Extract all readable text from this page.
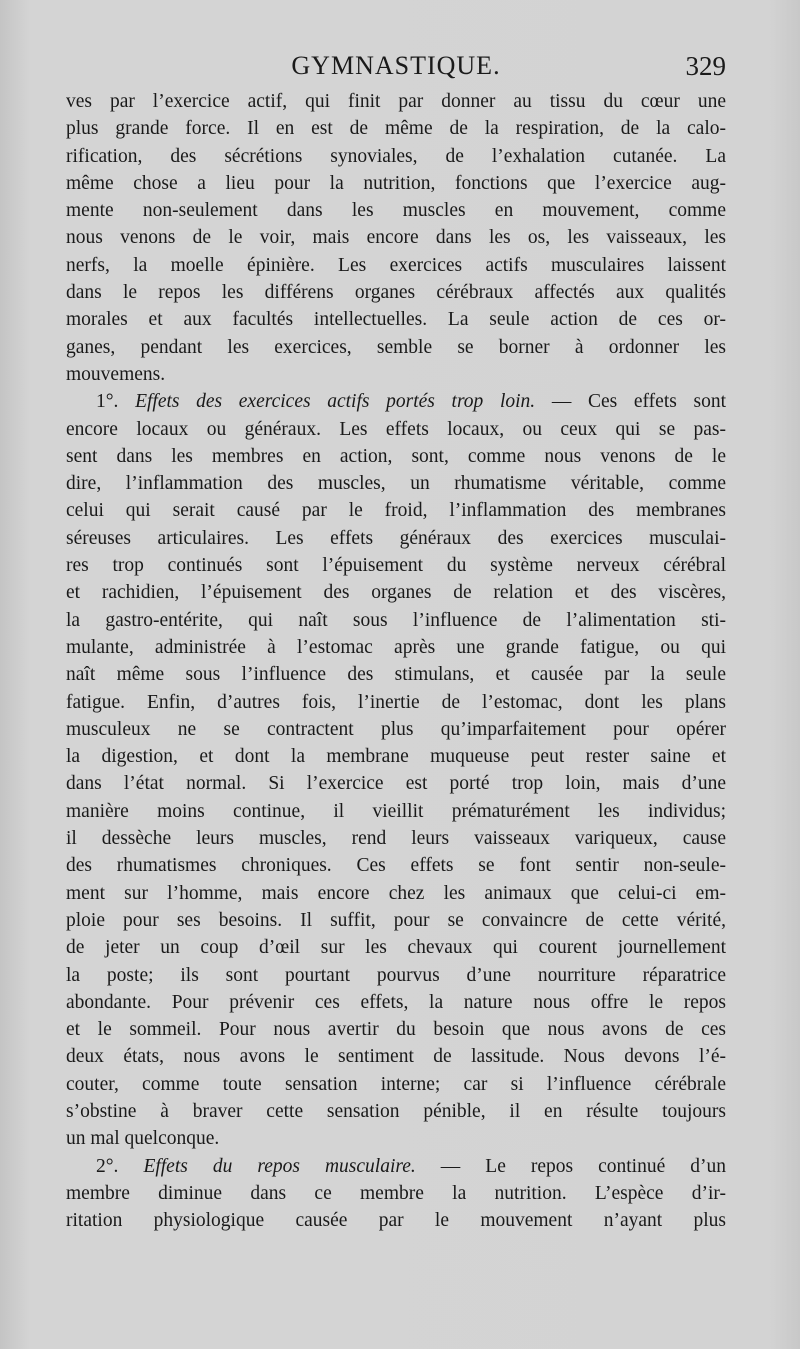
GYMNASTIQUE.	329
ves par l’exercice actif, qui finit par donner au tissu du cœur une
plus grande force. Il en est de même de la respiration, de la calo-
rification, des sécrétions synoviales, de l’exhalation cutanée. La
même chose a lieu pour la nutrition, fonctions que l’exercice aug-
mente non-seulement dans les muscles en mouvement, comme
nous venons de le voir, mais encore dans les os, les vaisseaux, les
nerfs, la moelle épinière. Les exercices actifs musculaires laissent
dans le repos les différens organes cérébraux affectés aux qualités
morales et aux facultés intellectuelles. La seule action de ces or-
ganes, pendant les exercices, semble se borner à ordonner les
mouvemens.
1°. Effets des exercices actifs portés trop loin. — Ces effets sont
encore locaux ou généraux. Les effets locaux, ou ceux qui se pas-
sent dans les membres en action, sont, comme nous venons de le
dire, l’inflammation des muscles, un rhumatisme véritable, comme
celui qui serait causé par le froid, l’inflammation des membranes
séreuses articulaires. Les effets généraux des exercices musculai-
res trop continués sont l’épuisement du système nerveux cérébral
et rachidien, l’épuisement des organes de relation et des viscères,
la gastro-entérite, qui naît sous l’influence de l’alimentation sti-
mulante, administrée à l’estomac après une grande fatigue, ou qui
naît même sous l’influence des stimulans, et causée par la seule
fatigue. Enfin, d’autres fois, l’inertie de l’estomac, dont les plans
musculeux ne se contractent plus qu’imparfaitement pour opérer
la digestion, et dont la membrane muqueuse peut rester saine et
dans l’état normal. Si l’exercice est porté trop loin, mais d’une
manière moins continue, il vieillit prématurément les individus;
il dessèche leurs muscles, rend leurs vaisseaux variqueux, cause
des rhumatismes chroniques. Ces effets se font sentir non-seule-
ment sur l’homme, mais encore chez les animaux que celui-ci em-
ploie pour ses besoins. Il suffit, pour se convaincre de cette vérité,
de jeter un coup d’œil sur les chevaux qui courent journellement
la poste; ils sont pourtant pourvus d’une nourriture réparatrice
abondante. Pour prévenir ces effets, la nature nous offre le repos
et le sommeil. Pour nous avertir du besoin que nous avons de ces
deux états, nous avons le sentiment de lassitude. Nous devons l’é-
couter, comme toute sensation interne; car si l’influence cérébrale
s’obstine à braver cette sensation pénible, il en résulte toujours
un mal quelconque.
2°. Effets du repos musculaire. — Le repos continué d’un
membre diminue dans ce membre la nutrition. L’espèce d’ir-
ritation physiologique causée par le mouvement n’ayant plus
